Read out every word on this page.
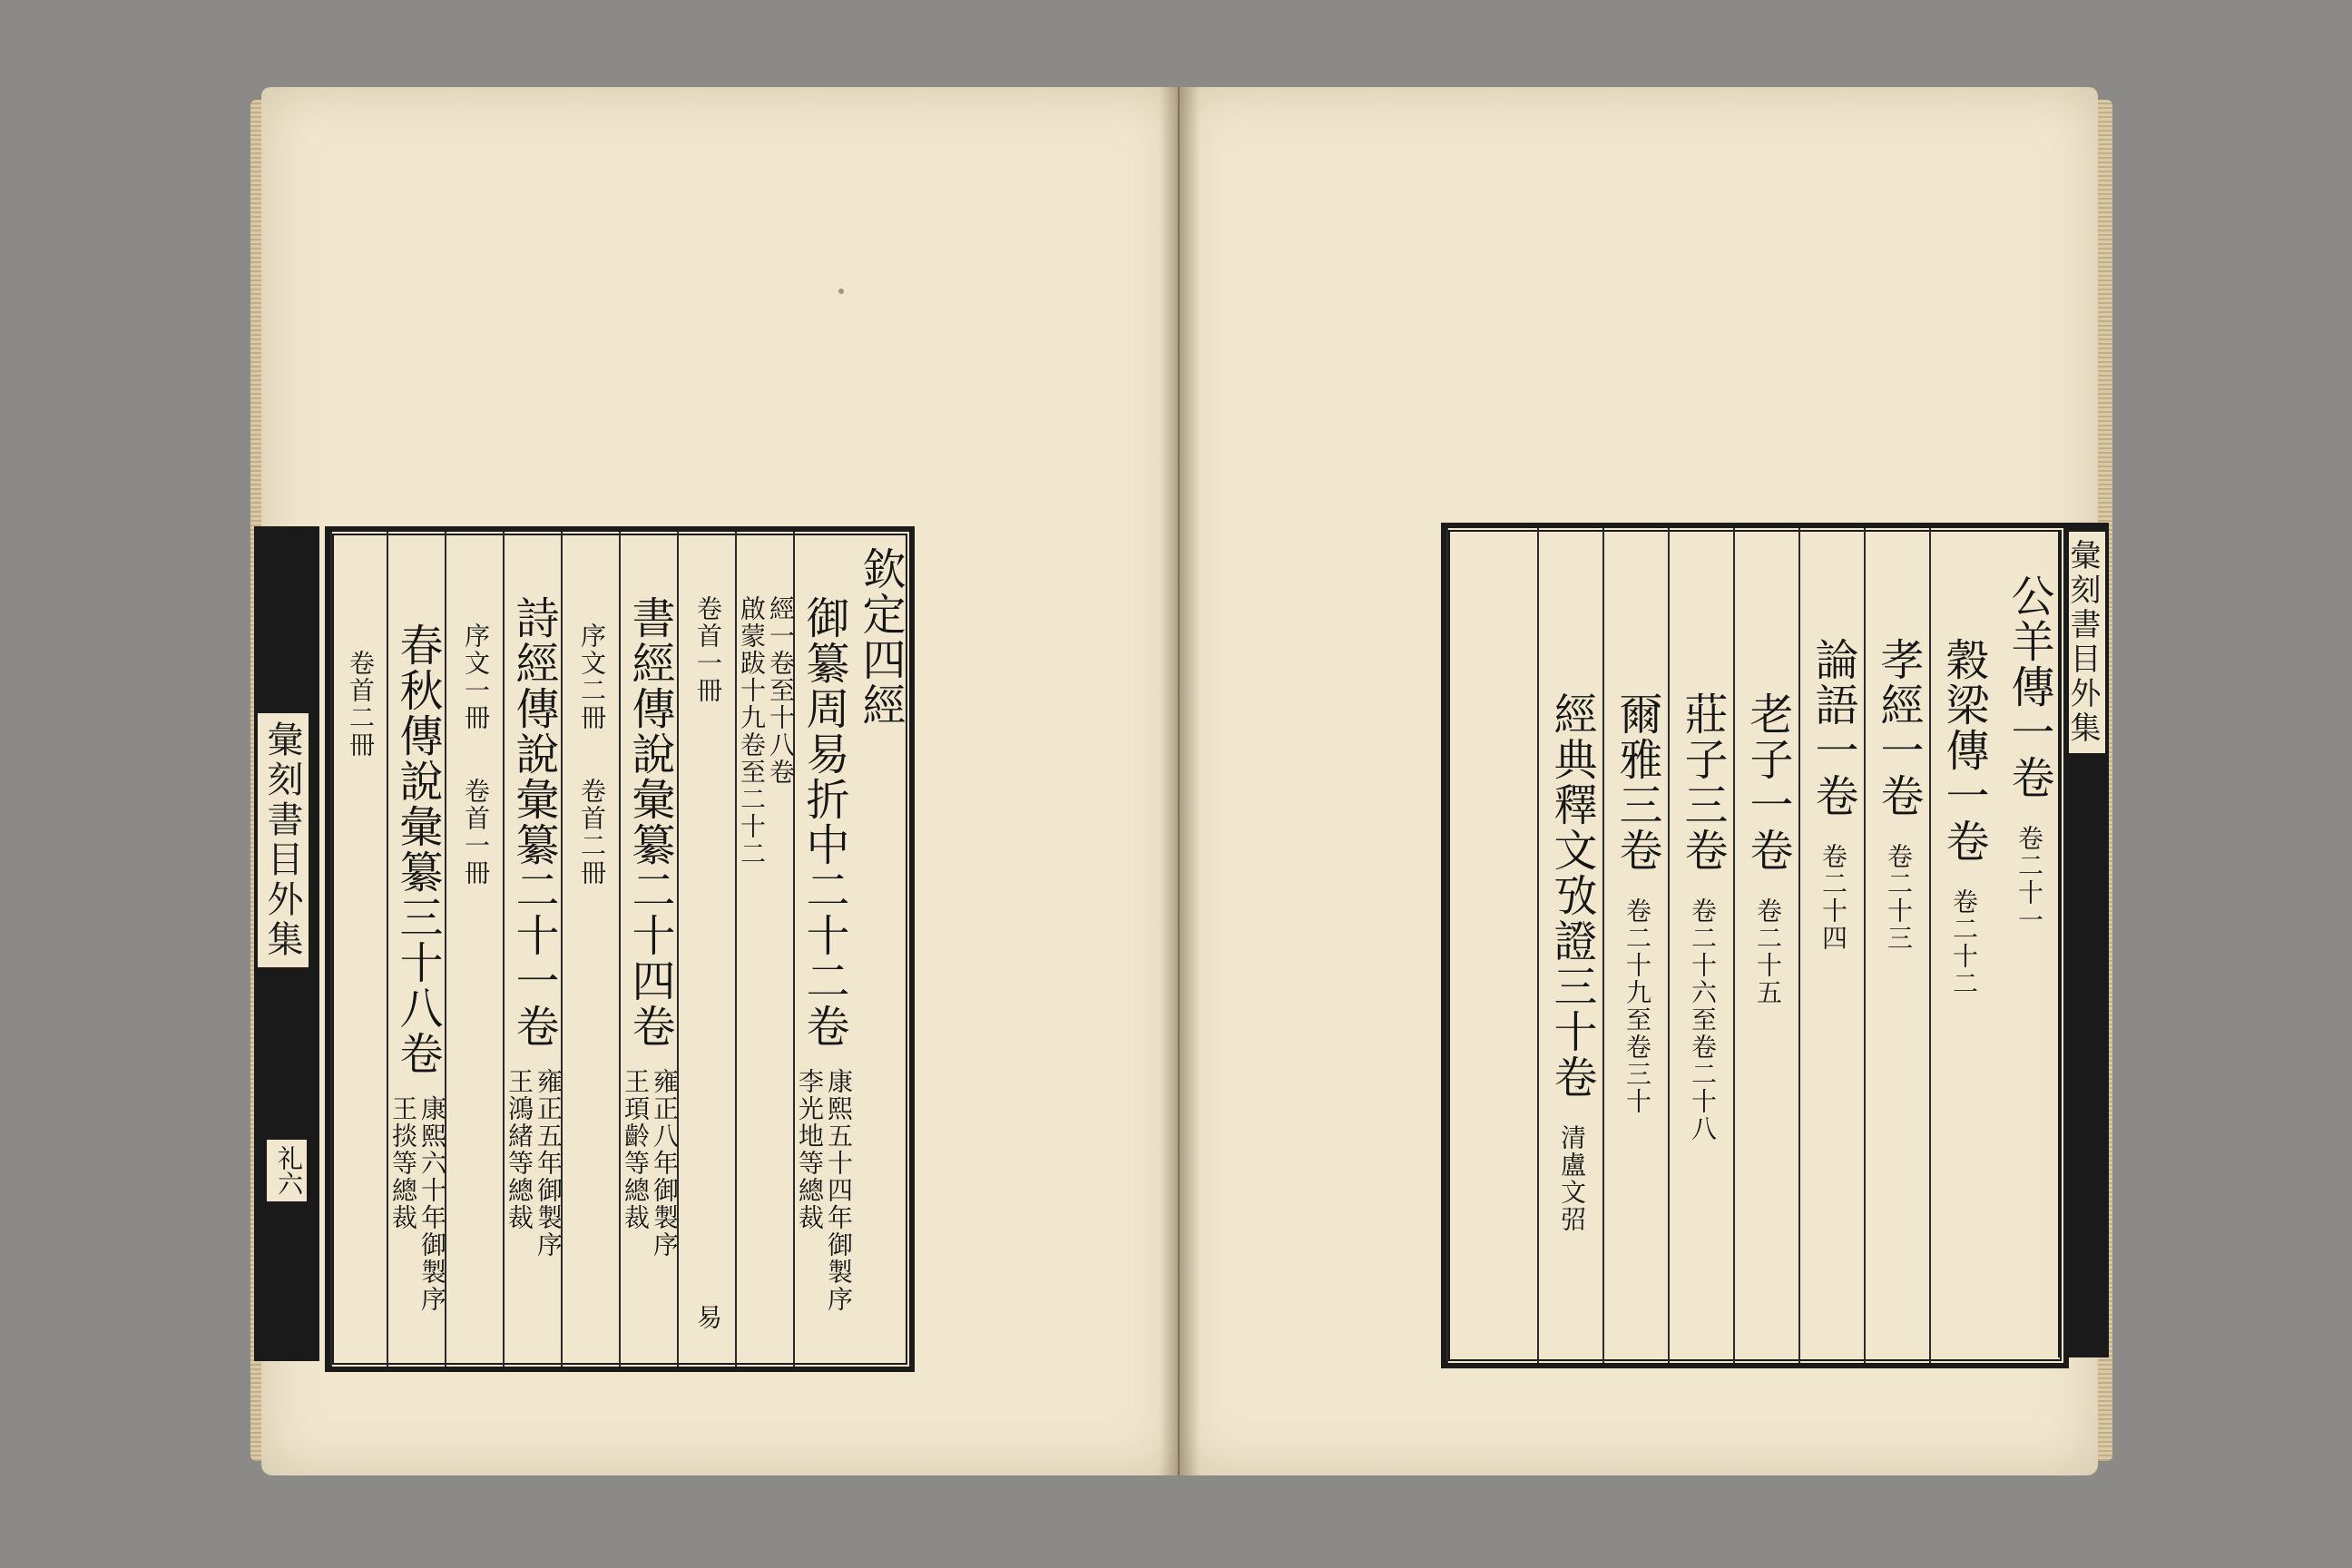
彙刻書目外集
礼六
欽定四經
御纂周易折中二十二卷
康熙五十四年御製序
李光地等總裁
經一卷至十八卷
啟蒙跋十九卷至二十二
卷首一冊 易
書經傳說彙纂二十四卷
雍正八年御製序
王頊齡等總裁
序文二冊 卷首二冊
詩經傳說彙纂二十一卷
雍正五年御製序
王鴻緒等總裁
序文一冊 卷首一冊
春秋傳說彙纂三十八卷
康熙六十年御製序
王掞等總裁
卷首二冊	彙刻書目外集
公羊傳一卷 卷二十一
穀梁傳一卷 卷二十二
孝經一卷 卷二十三
論語一卷 卷二十四
老子一卷 卷二十五
莊子三卷 卷二十六至卷二十八
爾雅三卷 卷二十九至卷三十
經典釋文攷證三十卷 清盧文弨
